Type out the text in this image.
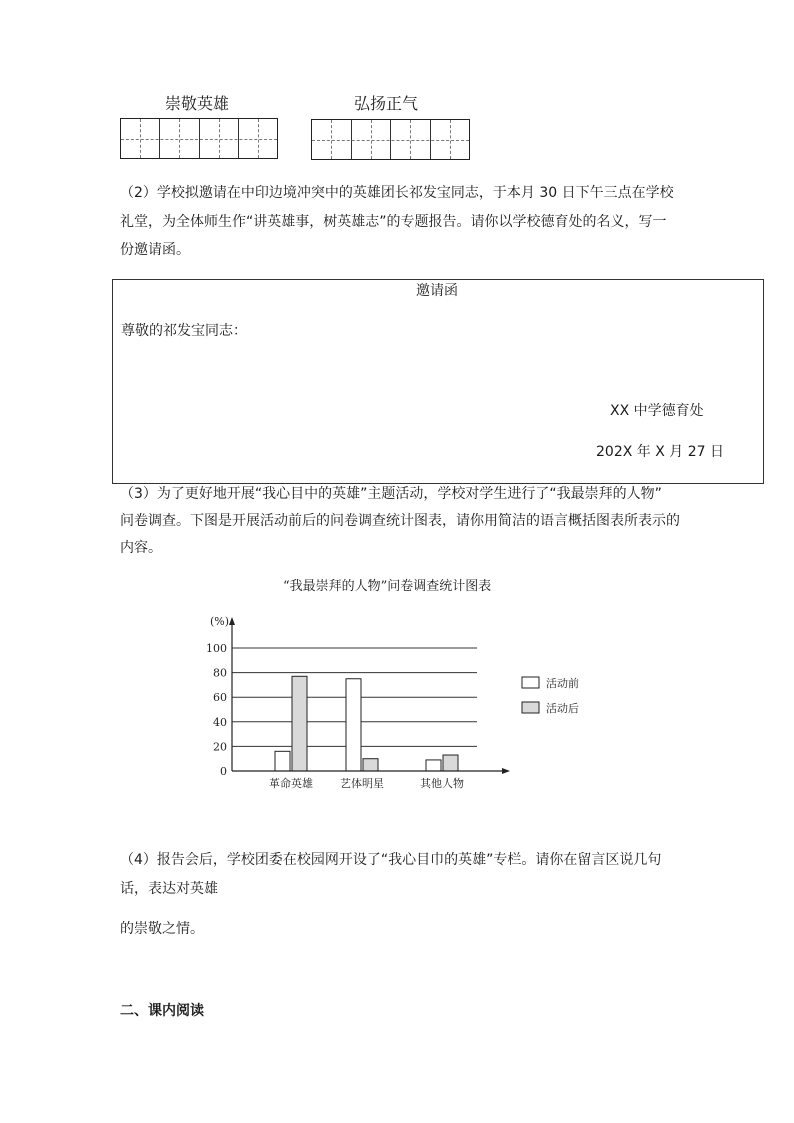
崇敬英雄	弘扬正气
（2）学校拟邀请在中印边境冲突中的英雄团长祁发宝同志，于本月 30 日下午三点在学校
礼堂，为全体师生作“讲英雄事，树英雄志”的专题报告。请你以学校德育处的名义，写一
份邀请函。
邀请函
尊敬的祁发宝同志：
XX 中学德育处
202X 年 X 月 27 日
（3）为了更好地开展“我心目中的英雄”主题活动，学校对学生进行了“我最崇拜的人物”
问卷调查。下图是开展活动前后的问卷调查统计图表，请你用简洁的语言概括图表所表示的
内容。
“我最崇拜的人物”问卷调查统计图表
(%)
0
20
40
60
80
100
革命英雄 艺体明星	其他人物
活动前
活动后
（4）报告会后，学校团委在校园网开设了“我心目巾的英雄”专栏。请你在留言区说几句
话，表达对英雄
的崇敬之情。
二、课内阅读
